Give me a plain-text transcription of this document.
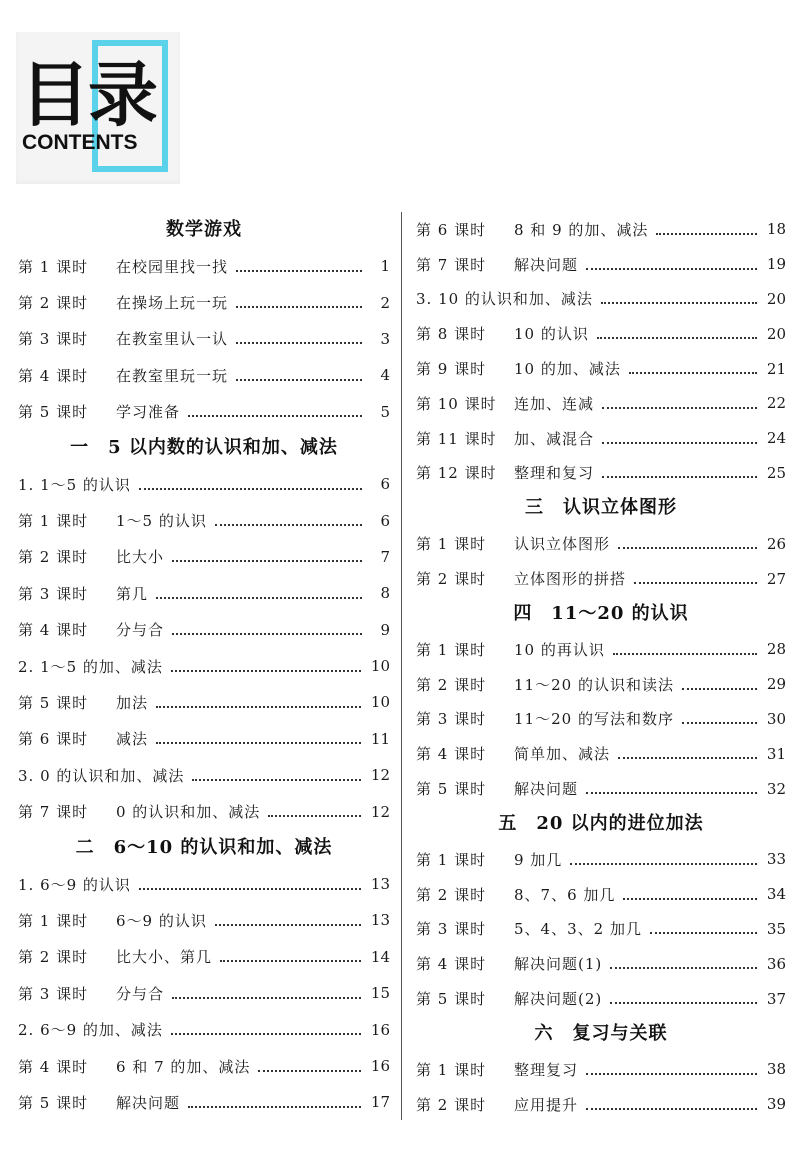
目录
CONTENTS
数学游戏
第 1 课时	在校园里找一找	1
第 2 课时	在操场上玩一玩	2
第 3 课时	在教室里认一认	3
第 4 课时	在教室里玩一玩	4
第 5 课时	学习准备	5
一　5 以内数的认识和加、减法
1. 1～5 的认识	6
第 1 课时	1～5 的认识	6
第 2 课时	比大小	7
第 3 课时	第几	8
第 4 课时	分与合	9
2. 1～5 的加、减法	10
第 5 课时	加法	10
第 6 课时	减法	11
3. 0 的认识和加、减法	12
第 7 课时	0 的认识和加、减法	12
二　6～10 的认识和加、减法
1. 6～9 的认识	13
第 1 课时	6～9 的认识	13
第 2 课时	比大小、第几	14
第 3 课时	分与合	15
2. 6～9 的加、减法	16
第 4 课时	6 和 7 的加、减法	16
第 5 课时	解决问题	17
第 6 课时	8 和 9 的加、减法	18
第 7 课时	解决问题	19
3. 10 的认识和加、减法	20
第 8 课时	10 的认识	20
第 9 课时	10 的加、减法	21
第 10 课时	连加、连减	22
第 11 课时	加、减混合	24
第 12 课时	整理和复习	25
三　认识立体图形
第 1 课时	认识立体图形	26
第 2 课时	立体图形的拼搭	27
四　11～20 的认识
第 1 课时	10 的再认识	28
第 2 课时	11～20 的认识和读法	29
第 3 课时	11～20 的写法和数序	30
第 4 课时	简单加、减法	31
第 5 课时	解决问题	32
五　20 以内的进位加法
第 1 课时	9 加几	33
第 2 课时	8、7、6 加几	34
第 3 课时	5、4、3、2 加几	35
第 4 课时	解决问题(1)	36
第 5 课时	解决问题(2)	37
六　复习与关联
第 1 课时	整理复习	38
第 2 课时	应用提升	39
